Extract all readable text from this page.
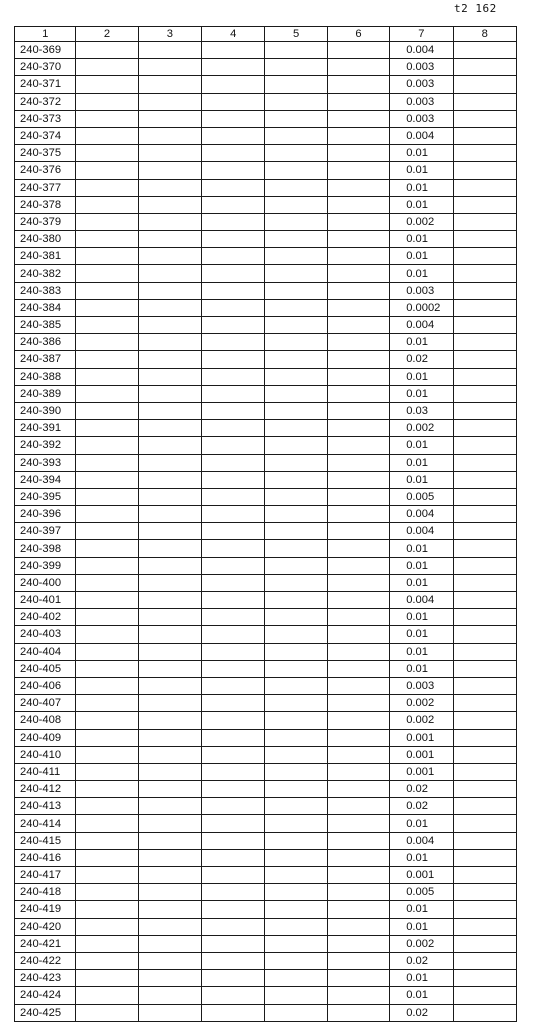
t2 162
1	2	3	4	5	6	7	8
240-369						0.004	
240-370						0.003	
240-371						0.003	
240-372						0.003	
240-373						0.003	
240-374						0.004	
240-375						0.01	
240-376						0.01	
240-377						0.01	
240-378						0.01	
240-379						0.002	
240-380						0.01	
240-381						0.01	
240-382						0.01	
240-383						0.003	
240-384						0.0002	
240-385						0.004	
240-386						0.01	
240-387						0.02	
240-388						0.01	
240-389						0.01	
240-390						0.03	
240-391						0.002	
240-392						0.01	
240-393						0.01	
240-394						0.01	
240-395						0.005	
240-396						0.004	
240-397						0.004	
240-398						0.01	
240-399						0.01	
240-400						0.01	
240-401						0.004	
240-402						0.01	
240-403						0.01	
240-404						0.01	
240-405						0.01	
240-406						0.003	
240-407						0.002	
240-408						0.002	
240-409						0.001	
240-410						0.001	
240-411						0.001	
240-412						0.02	
240-413						0.02	
240-414						0.01	
240-415						0.004	
240-416						0.01	
240-417						0.001	
240-418						0.005	
240-419						0.01	
240-420						0.01	
240-421						0.002	
240-422						0.02	
240-423						0.01	
240-424						0.01	
240-425						0.02	
